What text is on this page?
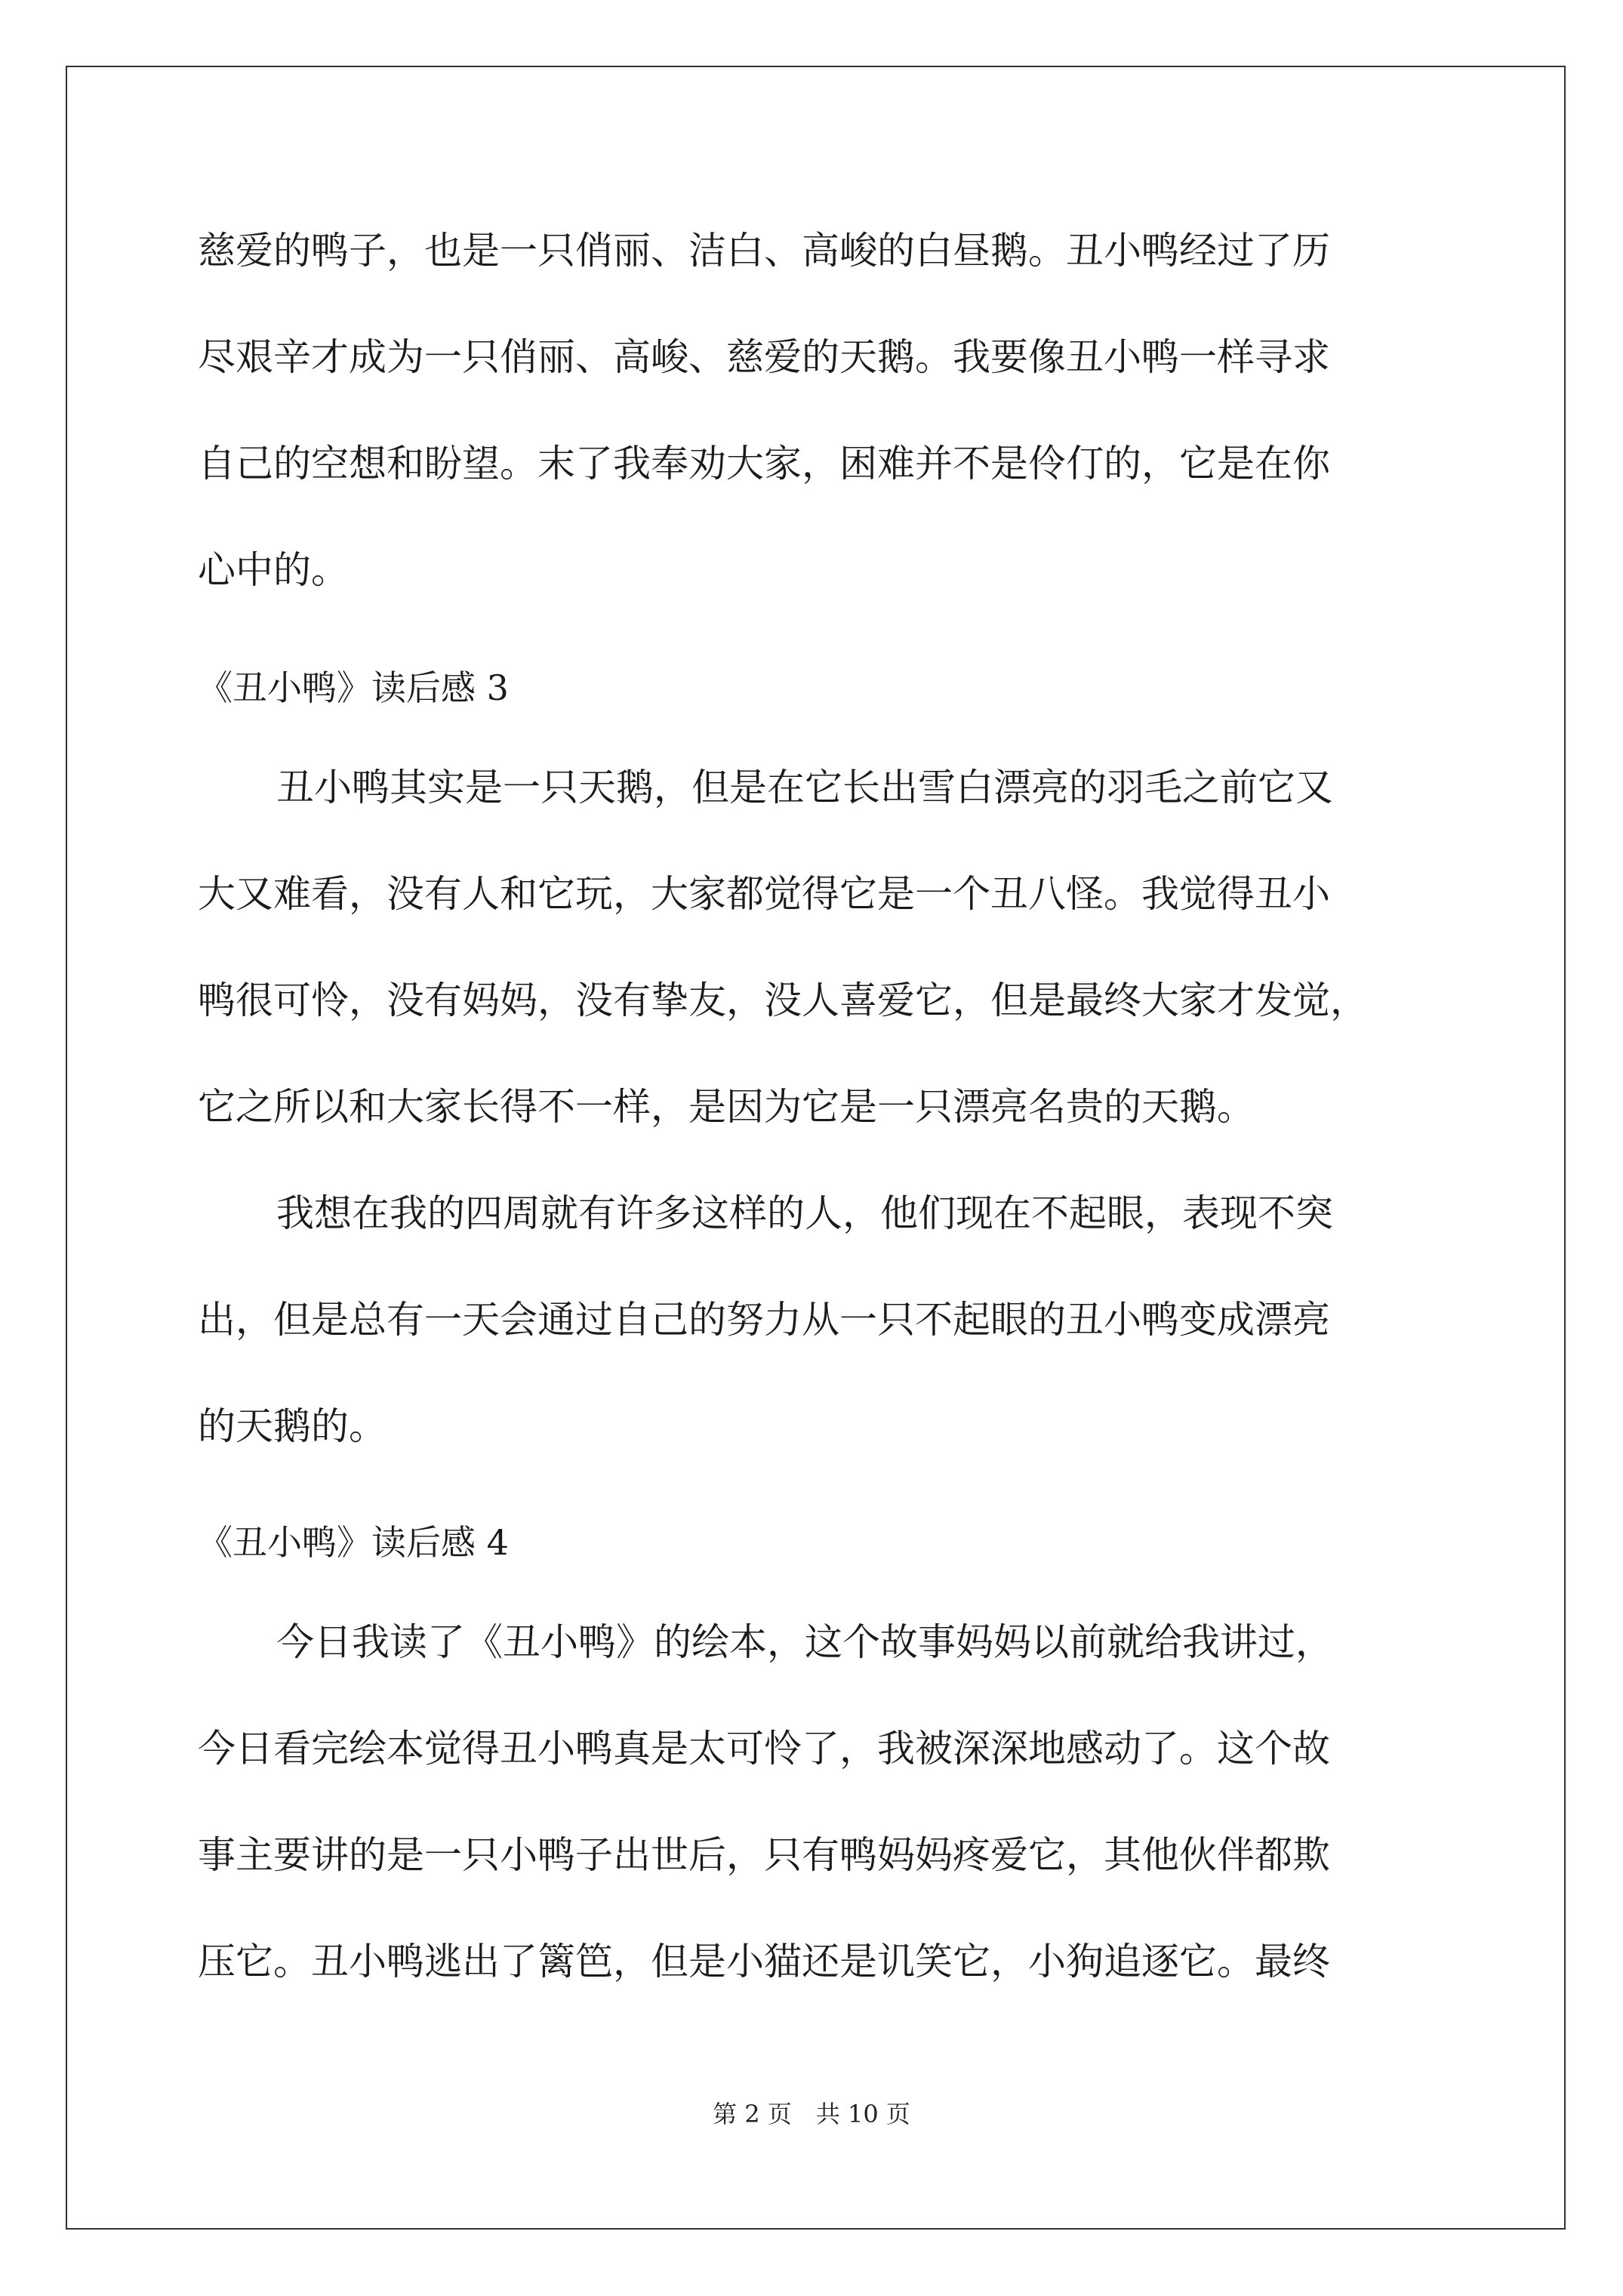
慈爱的鸭子，也是一只俏丽、洁白、高峻的白昼鹅。丑小鸭经过了历
尽艰辛才成为一只俏丽、高峻、慈爱的天鹅。我要像丑小鸭一样寻求
自己的空想和盼望。末了我奉劝大家，困难并不是伶仃的，它是在你
心中的。
《丑小鸭》读后感 3
丑小鸭其实是一只天鹅，但是在它长出雪白漂亮的羽毛之前它又
大又难看，没有人和它玩，大家都觉得它是一个丑八怪。我觉得丑小
鸭很可怜，没有妈妈，没有挚友，没人喜爱它，但是最终大家才发觉，
它之所以和大家长得不一样，是因为它是一只漂亮名贵的天鹅。
我想在我的四周就有许多这样的人，他们现在不起眼，表现不突
出，但是总有一天会通过自己的努力从一只不起眼的丑小鸭变成漂亮
的天鹅的。
《丑小鸭》读后感 4
今日我读了《丑小鸭》的绘本，这个故事妈妈以前就给我讲过，
今日看完绘本觉得丑小鸭真是太可怜了，我被深深地感动了。这个故
事主要讲的是一只小鸭子出世后，只有鸭妈妈疼爱它，其他伙伴都欺
压它。丑小鸭逃出了篱笆，但是小猫还是讥笑它，小狗追逐它。最终
第 2 页　共 10 页
